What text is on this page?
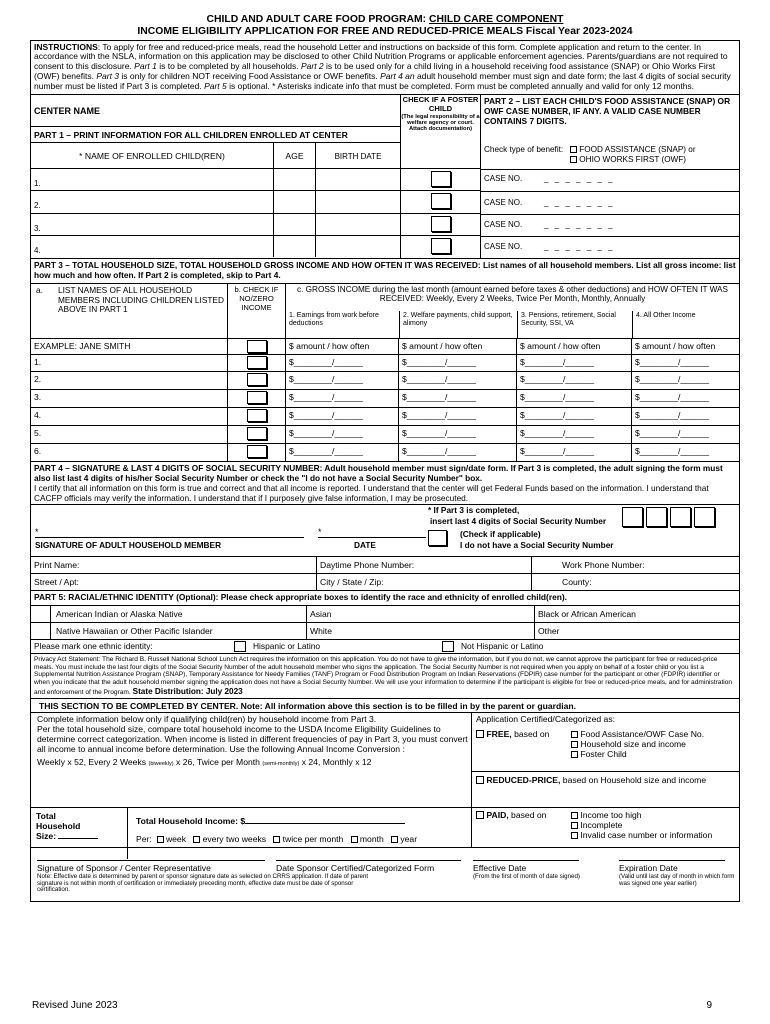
CHILD AND ADULT CARE FOOD PROGRAM: CHILD CARE COMPONENT
INCOME ELIGIBILITY APPLICATION FOR FREE AND REDUCED-PRICE MEALS Fiscal Year 2023-2024
INSTRUCTIONS: To apply for free and reduced-price meals, read the household Letter and instructions on backside of this form. Complete application and return to the center. In accordance with the NSLA, information on this application may be disclosed to other Child Nutrition Programs or applicable enforcement agencies. Parents/guardians are not required to consent to this disclosure. Part 1 is to be completed by all households. Part 2 is to be used only for a child living in a household receiving food assistance (SNAP) or Ohio Works First (OWF) benefits. Part 3 is only for children NOT receiving Food Assistance or OWF benefits. Part 4 an adult household member must sign and date form; the last 4 digits of social security number must be listed if Part 3 is completed. Part 5 is optional. * Asterisks indicate info that must be completed. Form must be completed annually and valid for only 12 months.
CENTER NAME
PART 1 – PRINT INFORMATION FOR ALL CHILDREN ENROLLED AT CENTER
* NAME OF ENROLLED CHILD(REN)	AGE	BIRTH DATE
1.
2.
3.
4.
CHECK IF A FOSTER CHILD
(The legal responsibility of a welfare agency or court. Attach documentation)
PART 2 – LIST EACH CHILD'S FOOD ASSISTANCE (SNAP) OR OWF CASE NUMBER, IF ANY. A VALID CASE NUMBER CONTAINS 7 DIGITS.
Check type of benefit:	FOOD ASSISTANCE (SNAP) or
OHIO WORKS FIRST (OWF)
CASE NO.	_ _ _ _ _ _ _
CASE NO.	_ _ _ _ _ _ _
CASE NO.	_ _ _ _ _ _ _
CASE NO.	_ _ _ _ _ _ _
PART 3 – TOTAL HOUSEHOLD SIZE, TOTAL HOUSEHOLD GROSS INCOME AND HOW OFTEN IT WAS RECEIVED: List names of all household members. List all gross income: list how much and how often. If Part 2 is completed, skip to Part 4.
a.	LIST NAMES OF ALL HOUSEHOLD MEMBERS INCLUDING CHILDREN LISTED ABOVE IN PART 1
b. CHECK IF NO/ZERO INCOME
c. GROSS INCOME during the last month (amount earned before taxes & other deductions) and HOW OFTEN IT WAS RECEIVED: Weekly, Every 2 Weeks, Twice Per Month, Monthly, Annually
1. Earnings from work before deductions
2. Welfare payments, child support, alimony
3. Pensions, retirement, Social Security, SSI, VA
4. All Other Income
EXAMPLE: JANE SMITH	$ amount / how often	$ amount / how often	$ amount / how often	$ amount / how often
1.	$________/______	$________/______	$________/______	$________/______
2.	$________/______	$________/______	$________/______	$________/______
3.	$________/______	$________/______	$________/______	$________/______
4.	$________/______	$________/______	$________/______	$________/______
5.	$________/______	$________/______	$________/______	$________/______
6.	$________/______	$________/______	$________/______	$________/______
PART 4 – SIGNATURE & LAST 4 DIGITS OF SOCIAL SECURITY NUMBER: Adult household member must sign/date form. If Part 3 is completed, the adult signing the form must also list last 4 digits of his/her Social Security Number or check the "I do not have a Social Security Number" box.
I certify that all information on this form is true and correct and that all income is reported. I understand that the center will get Federal Funds based on the information. I understand that CACFP officials may verify the information. I understand that if I purposely give false information, I may be prosecuted.
*
SIGNATURE OF ADULT HOUSEHOLD MEMBER
*
DATE
* If Part 3 is completed,
insert last 4 digits of Social Security Number
(Check if applicable)
I do not have a Social Security Number
Print Name:	Daytime Phone Number:	Work Phone Number:
Street / Apt:	City / State / Zip:	County:
PART 5: RACIAL/ETHNIC IDENTITY (Optional): Please check appropriate boxes to identify the race and ethnicity of enrolled child(ren).
American Indian or Alaska Native	Asian	Black or African American
Native Hawaiian or Other Pacific Islander	White	Other
Please mark one ethnic identity:	Hispanic or Latino	Not Hispanic or Latino
Privacy Act Statement: The Richard B. Russell National School Lunch Act requires the information on this application. You do not have to give the information, but if you do not, we cannot approve the participant for free or reduced-price meals. You must include the last four digits of the Social Security Number of the adult household member who signs the application. The Social Security Number is not required when you apply on behalf of a foster child or you list a Supplemental Nutrition Assistance Program (SNAP), Temporary Assistance for Needy Families (TANF) Program or Food Distribution Program on Indian Reservations (FDPIR) case number for the participant or other (FDPIR) identifier or when you indicate that the adult household member signing the application does not have a Social Security Number. We will use your information to determine if the participant is eligible for free or reduced-price meals, and for administration and enforcement of the Program. State Distribution: July 2023
THIS SECTION TO BE COMPLETED BY CENTER. Note: All information above this section is to be filled in by the parent or guardian.
Complete information below only if qualifying child(ren) by household income from Part 3.
Per the total household size, compare total household income to the USDA Income Eligibility Guidelines to determine correct categorization. When income is listed in different frequencies of pay in Part 3, you must convert all income to annual income before determination. Use the following Annual Income Conversion :
Weekly x 52, Every 2 Weeks (biweekly) x 26, Twice per Month (semi-monthly) x 24, Monthly x 12
Total
Household
Size:
Total Household Income: $
Per: week every two weeks twice per month month year
Application Certified/Categorized as:
FREE, based on	Food Assistance/OWF Case No.
Household size and income
Foster Child
REDUCED-PRICE, based on Household size and income
PAID, based on	Income too high
Incomplete
Invalid case number or information
Signature of Sponsor / Center Representative	Date Sponsor Certified/Categorized Form	Effective Date	Expiration Date
Note: Effective date is determined by parent or sponsor signature date as selected on CRRS application. If date of parent signature is not within month of certification or immediately preceding month, effective date must be date of sponsor certification.
(From the first of month of date signed)	(Valid until last day of month in which form was signed one year earlier)
Revised June 2023	9
